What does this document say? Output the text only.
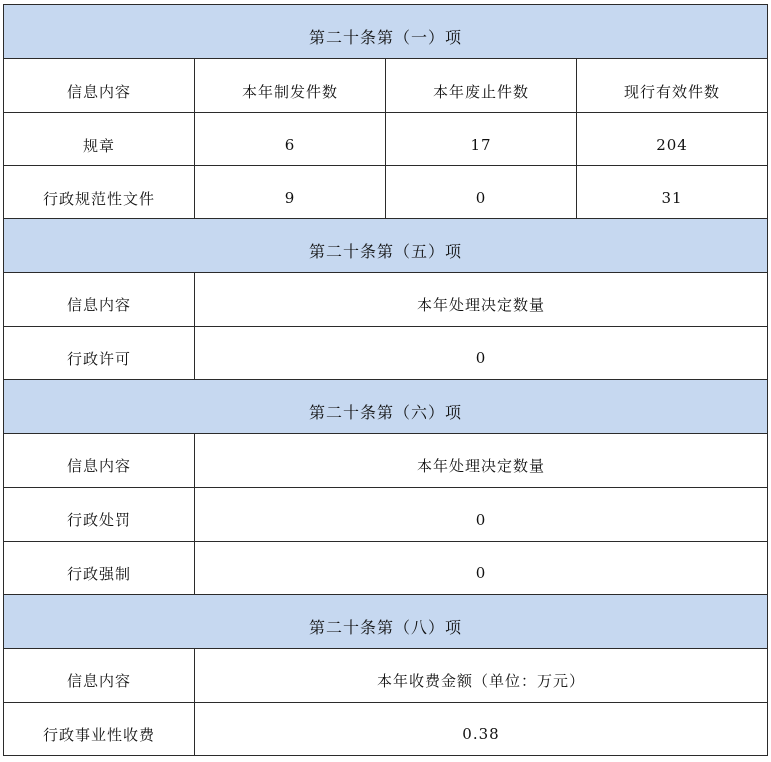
第二十条第（一）项			
信息内容	本年制发件数	本年废止件数	现行有效件数
规章	6	17	204
行政规范性文件	9	0	31
第二十条第（五）项			
信息内容	本年处理决定数量		
行政许可	0		
第二十条第（六）项			
信息内容	本年处理决定数量		
行政处罚	0		
行政强制	0		
第二十条第（八）项			
信息内容	本年收费金额（单位：万元）		
行政事业性收费	0.38		
